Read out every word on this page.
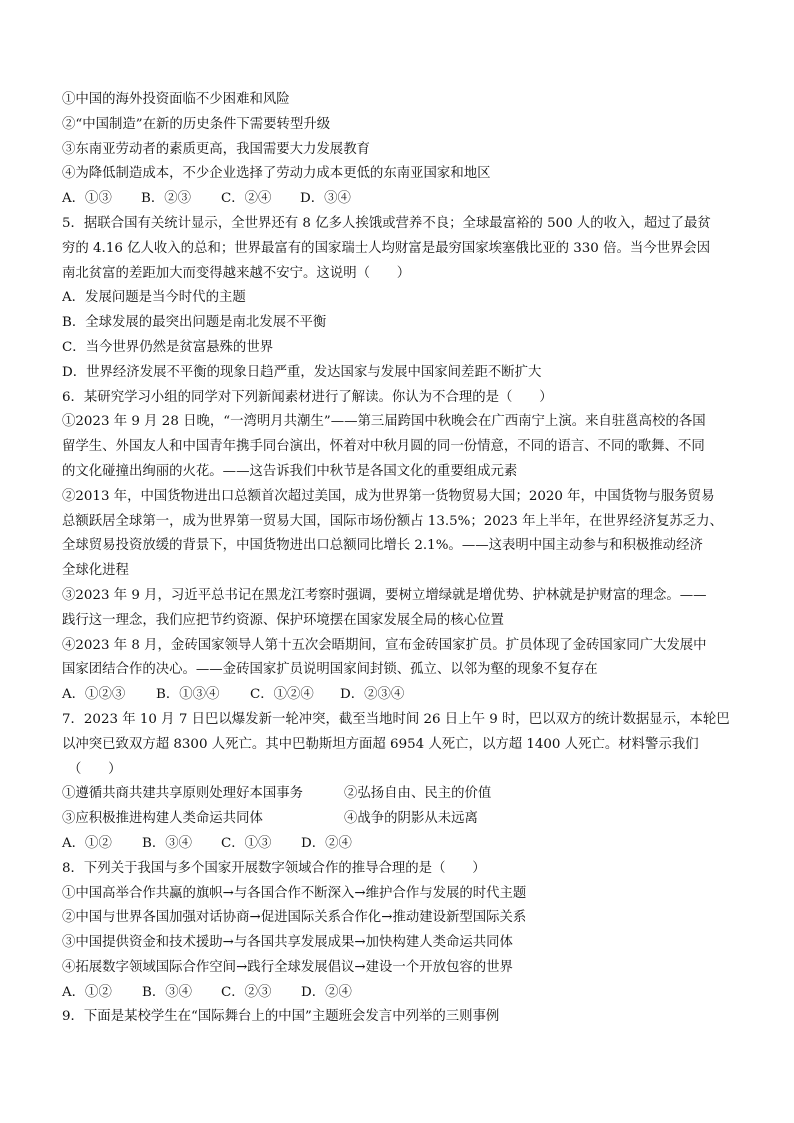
①中国的海外投资面临不少困难和风险
②“中国制造”在新的历史条件下需要转型升级
③东南亚劳动者的素质更高，我国需要大力发展教育
④为降低制造成本，不少企业选择了劳动力成本更低的东南亚国家和地区
A．①③	B．②③	C．②④	D．③④
5．据联合国有关统计显示，全世界还有 8 亿多人挨饿或营养不良；全球最富裕的 500 人的收入，超过了最贫
穷的 4.16 亿人收入的总和；世界最富有的国家瑞士人均财富是最穷国家埃塞俄比亚的 330 倍。当今世界会因
南北贫富的差距加大而变得越来越不安宁。这说明（　　）
A．发展问题是当今时代的主题
B．全球发展的最突出问题是南北发展不平衡
C．当今世界仍然是贫富悬殊的世界
D．世界经济发展不平衡的现象日趋严重，发达国家与发展中国家间差距不断扩大
6．某研究学习小组的同学对下列新闻素材进行了解读。你认为不合理的是（　　）
①2023 年 9 月 28 日晚，“一湾明月共潮生”——第三届跨国中秋晚会在广西南宁上演。来自驻邕高校的各国
留学生、外国友人和中国青年携手同台演出，怀着对中秋月圆的同一份情意，不同的语言、不同的歌舞、不同
的文化碰撞出绚丽的火花。——这告诉我们中秋节是各国文化的重要组成元素
②2013 年，中国货物进出口总额首次超过美国，成为世界第一货物贸易大国；2020 年，中国货物与服务贸易
总额跃居全球第一，成为世界第一贸易大国，国际市场份额占 13.5%；2023 年上半年，在世界经济复苏乏力、
全球贸易投资放缓的背景下，中国货物进出口总额同比增长 2.1%。——这表明中国主动参与和积极推动经济
全球化进程
③2023 年 9 月，习近平总书记在黑龙江考察时强调，要树立增绿就是增优势、护林就是护财富的理念。——
践行这一理念，我们应把节约资源、保护环境摆在国家发展全局的核心位置
④2023 年 8 月，金砖国家领导人第十五次会晤期间，宣布金砖国家扩员。扩员体现了金砖国家同广大发展中
国家团结合作的决心。——金砖国家扩员说明国家间封锁、孤立、以邻为壑的现象不复存在
A．①②③	B．①③④	C．①②④	D．②③④
7．2023 年 10 月 7 日巴以爆发新一轮冲突，截至当地时间 26 日上午 9 时，巴以双方的统计数据显示，本轮巴
以冲突已致双方超 8300 人死亡。其中巴勒斯坦方面超 6954 人死亡，以方超 1400 人死亡。材料警示我们
（　　）
①遵循共商共建共享原则处理好本国事务	②弘扬自由、民主的价值
③应积极推进构建人类命运共同体	④战争的阴影从未远离
A．①②	B．③④	C．①③	D．②④
8．下列关于我国与多个国家开展数字领域合作的推导合理的是（　　）
①中国高举合作共赢的旗帜→与各国合作不断深入→维护合作与发展的时代主题
②中国与世界各国加强对话协商→促进国际关系合作化→推动建设新型国际关系
③中国提供资金和技术援助→与各国共享发展成果→加快构建人类命运共同体
④拓展数字领域国际合作空间→践行全球发展倡议→建设一个开放包容的世界
A．①②	B．③④	C．②③	D．②④
9．下面是某校学生在“国际舞台上的中国”主题班会发言中列举的三则事例
